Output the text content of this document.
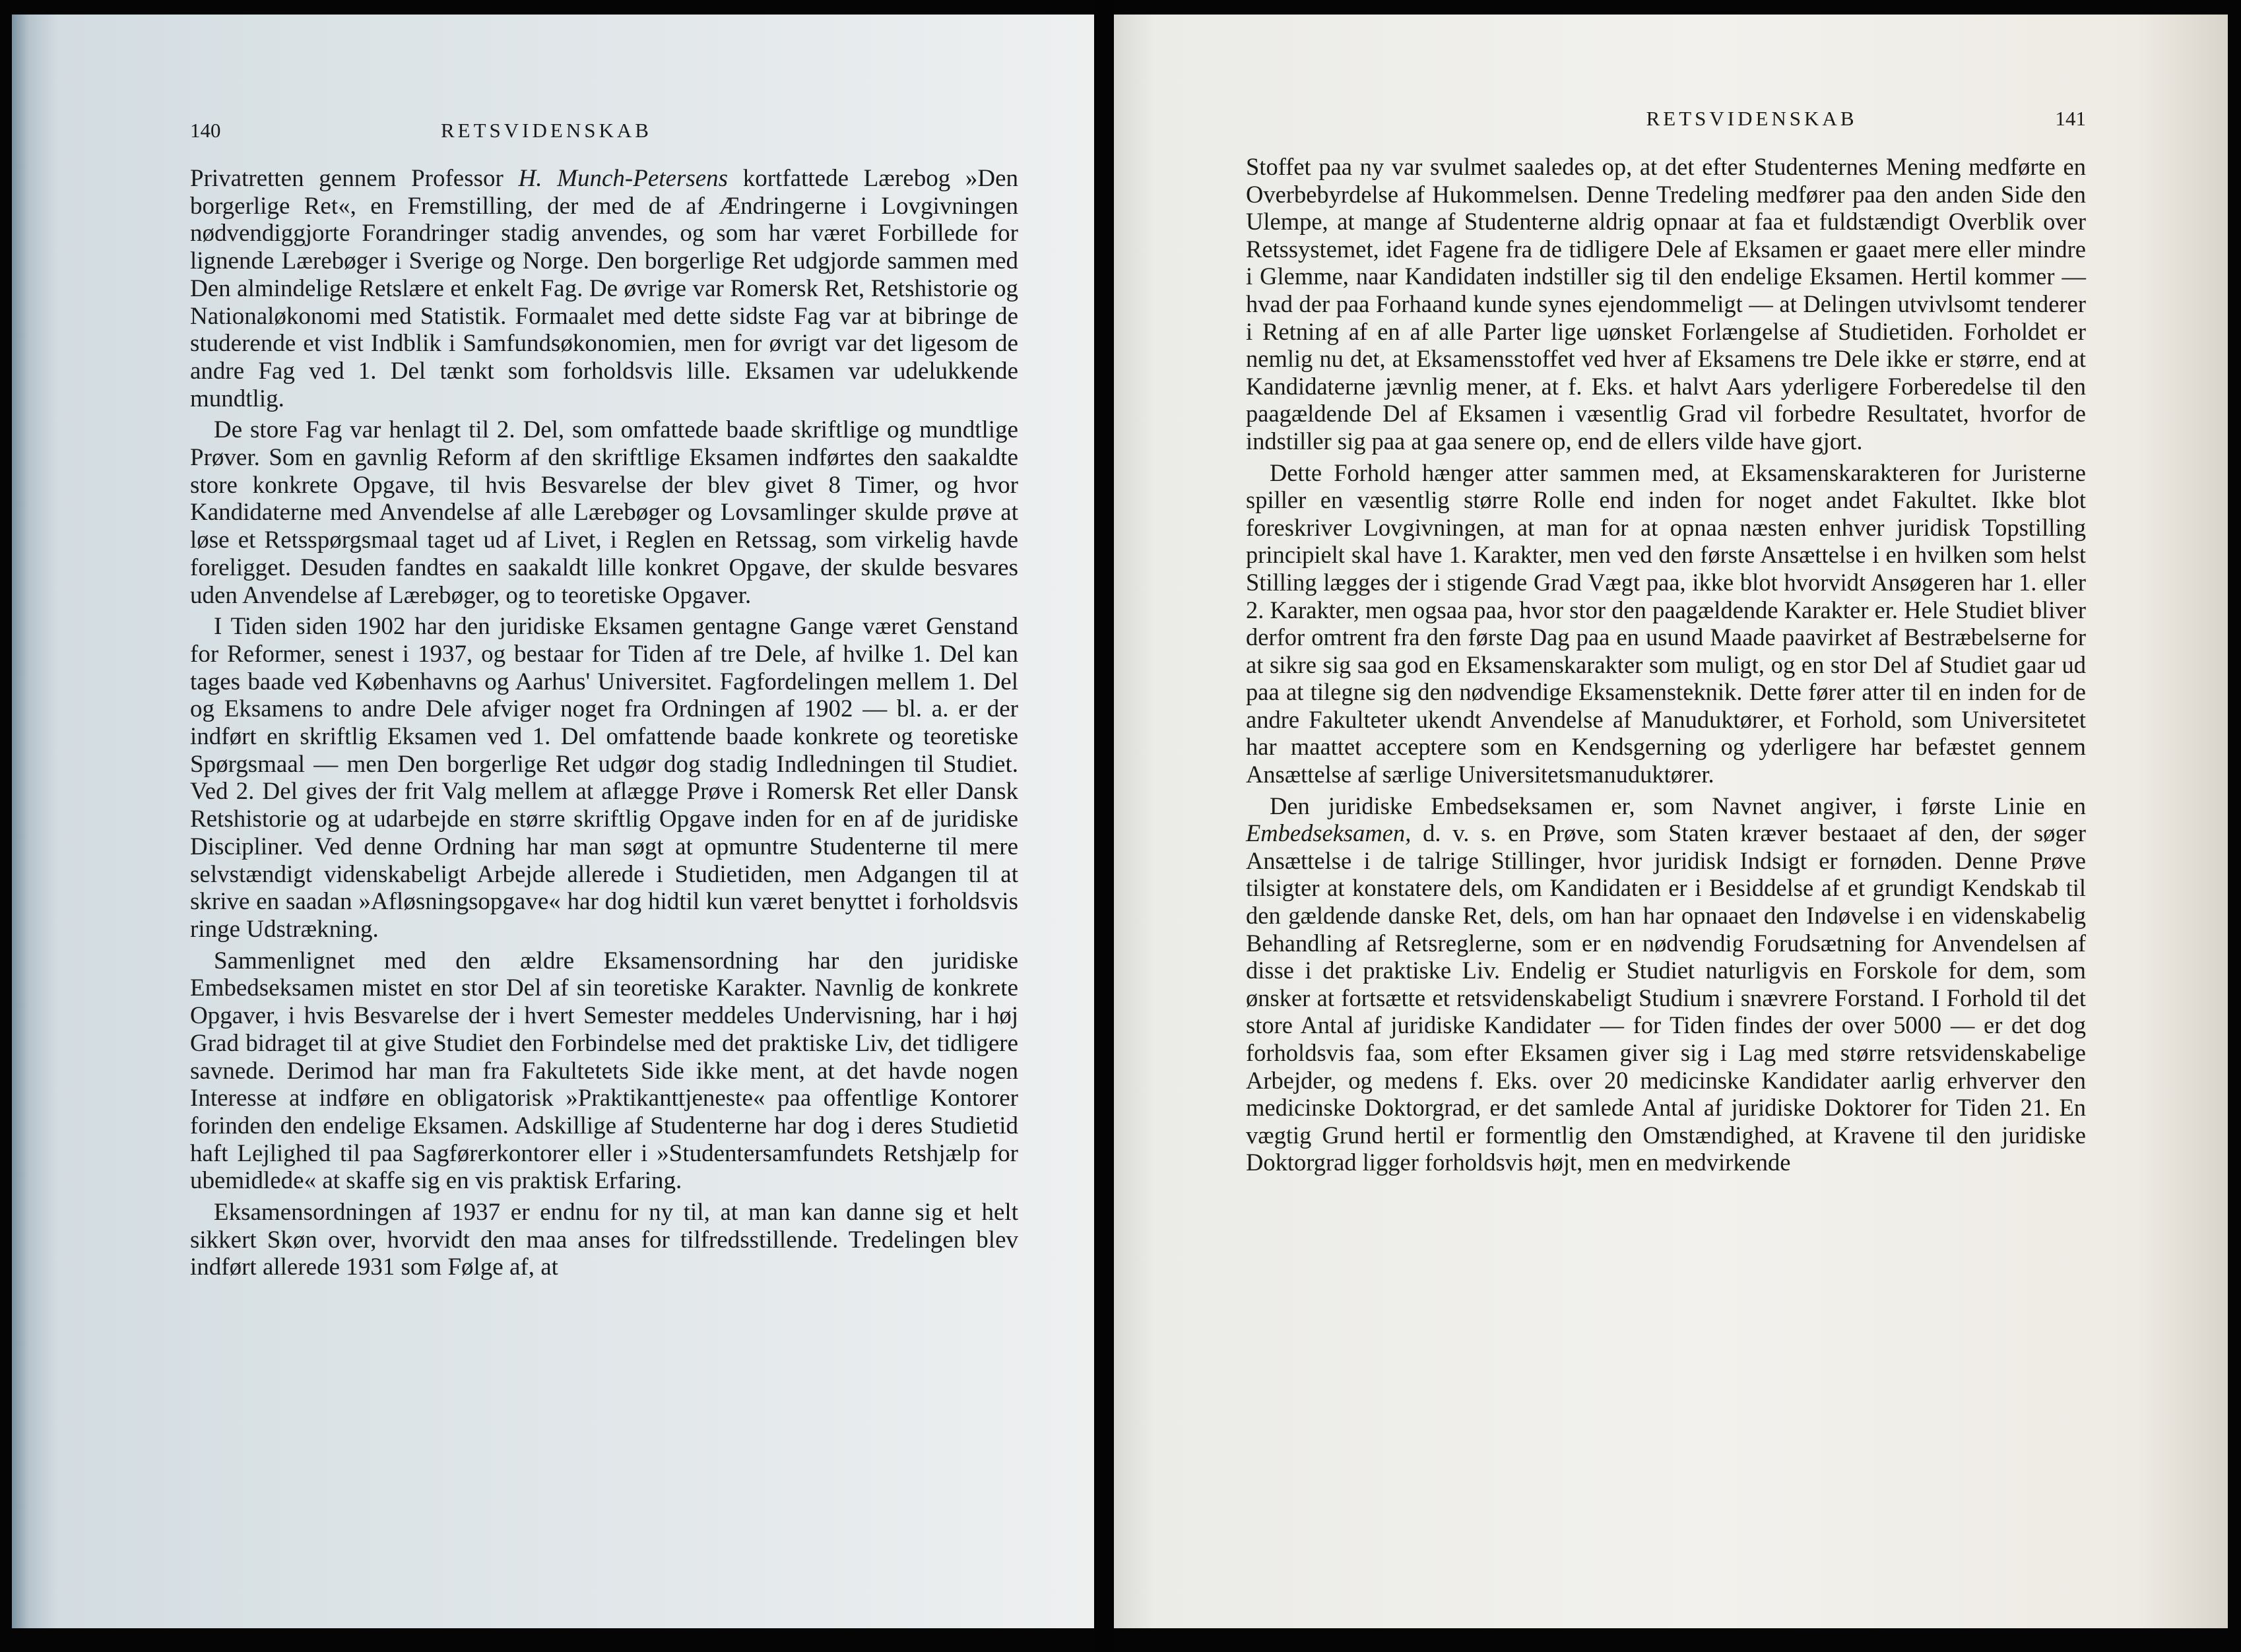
140	RETSVIDENSKAB

Privatretten gennem Professor H. Munch-Petersens kortfattede Lærebog »Den borgerlige Ret«, en Fremstilling, der med de af Ændringerne i Lovgivningen nødvendiggjorte Forandringer stadig anvendes, og som har været Forbillede for lignende Lærebøger i Sverige og Norge. Den borgerlige Ret udgjorde sammen med Den almindelige Retslære et enkelt Fag. De øvrige var Romersk Ret, Retshistorie og Nationaløkonomi med Statistik. Formaalet med dette sidste Fag var at bibringe de studerende et vist Indblik i Samfundsøkonomien, men for øvrigt var det ligesom de andre Fag ved 1. Del tænkt som forholdsvis lille. Eksamen var udelukkende mundtlig.

De store Fag var henlagt til 2. Del, som omfattede baade skriftlige og mundtlige Prøver. Som en gavnlig Reform af den skriftlige Eksamen indførtes den saakaldte store konkrete Opgave, til hvis Besvarelse der blev givet 8 Timer, og hvor Kandidaterne med Anvendelse af alle Lærebøger og Lovsamlinger skulde prøve at løse et Retsspørgsmaal taget ud af Livet, i Reglen en Retssag, som virkelig havde foreligget. Desuden fandtes en saakaldt lille konkret Opgave, der skulde besvares uden Anvendelse af Lærebøger, og to teoretiske Opgaver.

I Tiden siden 1902 har den juridiske Eksamen gentagne Gange været Genstand for Reformer, senest i 1937, og bestaar for Tiden af tre Dele, af hvilke 1. Del kan tages baade ved Københavns og Aarhus' Universitet. Fagfordelingen mellem 1. Del og Eksamens to andre Dele afviger noget fra Ordningen af 1902 — bl. a. er der indført en skriftlig Eksamen ved 1. Del omfattende baade konkrete og teoretiske Spørgsmaal — men Den borgerlige Ret udgør dog stadig Indledningen til Studiet. Ved 2. Del gives der frit Valg mellem at aflægge Prøve i Romersk Ret eller Dansk Retshistorie og at udarbejde en større skriftlig Opgave inden for en af de juridiske Discipliner. Ved denne Ordning har man søgt at opmuntre Studenterne til mere selvstændigt videnskabeligt Arbejde allerede i Studietiden, men Adgangen til at skrive en saadan »Afløsningsopgave« har dog hidtil kun været benyttet i forholdsvis ringe Udstrækning.

Sammenlignet med den ældre Eksamensordning har den juridiske Embedseksamen mistet en stor Del af sin teoretiske Karakter. Navnlig de konkrete Opgaver, i hvis Besvarelse der i hvert Semester meddeles Undervisning, har i høj Grad bidraget til at give Studiet den Forbindelse med det praktiske Liv, det tidligere savnede. Derimod har man fra Fakultetets Side ikke ment, at det havde nogen Interesse at indføre en obligatorisk »Praktikanttjeneste« paa offentlige Kontorer forinden den endelige Eksamen. Adskillige af Studenterne har dog i deres Studietid haft Lejlighed til paa Sagførerkontorer eller i »Studentersamfundets Retshjælp for ubemidlede« at skaffe sig en vis praktisk Erfaring.

Eksamensordningen af 1937 er endnu for ny til, at man kan danne sig et helt sikkert Skøn over, hvorvidt den maa anses for tilfredsstillende. Tredelingen blev indført allerede 1931 som Følge af, at

RETSVIDENSKAB	141

Stoffet paa ny var svulmet saaledes op, at det efter Studenternes Mening medførte en Overbebyrdelse af Hukommelsen. Denne Tredeling medfører paa den anden Side den Ulempe, at mange af Studenterne aldrig opnaar at faa et fuldstændigt Overblik over Retssystemet, idet Fagene fra de tidligere Dele af Eksamen er gaaet mere eller mindre i Glemme, naar Kandidaten indstiller sig til den endelige Eksamen. Hertil kommer — hvad der paa Forhaand kunde synes ejendommeligt — at Delingen utvivlsomt tenderer i Retning af en af alle Parter lige uønsket Forlængelse af Studietiden. Forholdet er nemlig nu det, at Eksamensstoffet ved hver af Eksamens tre Dele ikke er større, end at Kandidaterne jævnlig mener, at f. Eks. et halvt Aars yderligere Forberedelse til den paagældende Del af Eksamen i væsentlig Grad vil forbedre Resultatet, hvorfor de indstiller sig paa at gaa senere op, end de ellers vilde have gjort.

Dette Forhold hænger atter sammen med, at Eksamenskarakteren for Juristerne spiller en væsentlig større Rolle end inden for noget andet Fakultet. Ikke blot foreskriver Lovgivningen, at man for at opnaa næsten enhver juridisk Topstilling principielt skal have 1. Karakter, men ved den første Ansættelse i en hvilken som helst Stilling lægges der i stigende Grad Vægt paa, ikke blot hvorvidt Ansøgeren har 1. eller 2. Karakter, men ogsaa paa, hvor stor den paagældende Karakter er. Hele Studiet bliver derfor omtrent fra den første Dag paa en usund Maade paavirket af Bestræbelserne for at sikre sig saa god en Eksamenskarakter som muligt, og en stor Del af Studiet gaar ud paa at tilegne sig den nødvendige Eksamensteknik. Dette fører atter til en inden for de andre Fakulteter ukendt Anvendelse af Manuduktører, et Forhold, som Universitetet har maattet acceptere som en Kendsgerning og yderligere har befæstet gennem Ansættelse af særlige Universitetsmanuduktører.

Den juridiske Embedseksamen er, som Navnet angiver, i første Linie en Embedseksamen, d. v. s. en Prøve, som Staten kræver bestaaet af den, der søger Ansættelse i de talrige Stillinger, hvor juridisk Indsigt er fornøden. Denne Prøve tilsigter at konstatere dels, om Kandidaten er i Besiddelse af et grundigt Kendskab til den gældende danske Ret, dels, om han har opnaaet den Indøvelse i en videnskabelig Behandling af Retsreglerne, som er en nødvendig Forudsætning for Anvendelsen af disse i det praktiske Liv. Endelig er Studiet naturligvis en Forskole for dem, som ønsker at fortsætte et retsvidenskabeligt Studium i snævrere Forstand. I Forhold til det store Antal af juridiske Kandidater — for Tiden findes der over 5000 — er det dog forholdsvis faa, som efter Eksamen giver sig i Lag med større retsvidenskabelige Arbejder, og medens f. Eks. over 20 medicinske Kandidater aarlig erhverver den medicinske Doktorgrad, er det samlede Antal af juridiske Doktorer for Tiden 21. En vægtig Grund hertil er formentlig den Omstændighed, at Kravene til den juridiske Doktorgrad ligger forholdsvis højt, men en medvirkende
